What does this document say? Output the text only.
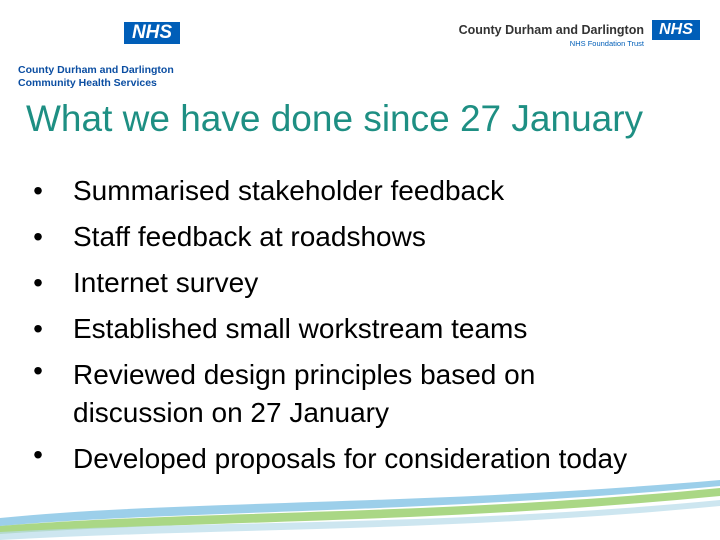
NHS
County Durham and Darlington
Community Health Services
County Durham and Darlington NHS
NHS Foundation Trust
What we have done since 27 January
• Summarised stakeholder feedback
• Staff feedback at roadshows
• Internet survey
• Established small workstream teams
• Reviewed design principles based on discussion on 27 January
• Developed proposals for consideration today
